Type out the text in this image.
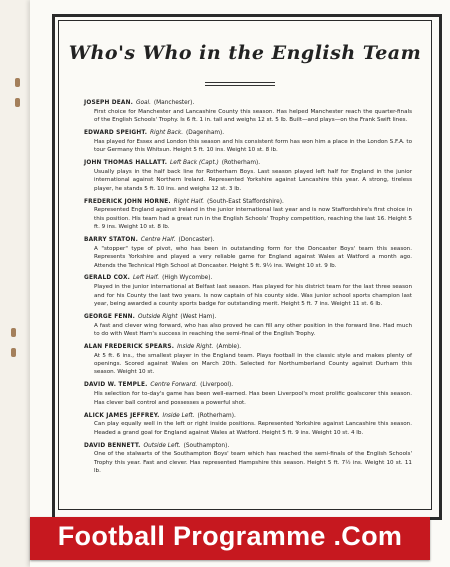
Who's Who in the English Team
JOSEPH DEAN.  Goal.  (Manchester).
First choice for Manchester and Lancashire County this season. Has helped Manchester reach the quarter-finals of the English Schools' Trophy. Is 6 ft. 1 in. tall and weighs 12 st. 5 lb. Built—and plays—on the Frank Swift lines.
EDWARD SPEIGHT.  Right Back.  (Dagenham).
Has played for Essex and London this season and his consistent form has won him a place in the London S.F.A. to tour Germany this Whitsun. Height 5 ft. 10 ins. Weight 10 st. 8 lb.
JOHN THOMAS HALLATT.  Left Back (Capt.)  (Rotherham).
Usually plays in the half back line for Rotherham Boys. Last season played left half for England in the junior international against Northern Ireland. Represented Yorkshire against Lancashire this year. A strong, tireless player, he stands 5 ft. 10 ins. and weighs 12 st. 3 lb.
FREDERICK JOHN HORNE.  Right Half.  (South-East Staffordshire).
Represented England against Ireland in the junior international last year and is now Staffordshire's first choice in this position. His team had a great run in the English Schools' Trophy competition, reaching the last 16. Height 5 ft. 9 ins. Weight 10 st. 8 lb.
BARRY STATON.  Centre Half.  (Doncaster).
A "stopper" type of pivot, who has been in outstanding form for the Doncaster Boys' team this season. Represents Yorkshire and played a very reliable game for England against Wales at Watford a month ago. Attends the Technical High School at Doncaster. Height 5 ft. 9½ ins. Weight 10 st. 9 lb.
GERALD COX.  Left Half.  (High Wycombe).
Played in the junior international at Belfast last season. Has played for his district team for the last three season and for his County the last two years. Is now captain of his county side. Was junior school sports champion last year, being awarded a county sports badge for outstanding merit. Height 5 ft. 7 ins. Weight 11 st. 6 lb.
GEORGE FENN.  Outside Right  (West Ham).
A fast and clever wing forward, who has also proved he can fill any other position in the forward line. Had much to do with West Ham's success in reaching the semi-final of the English Trophy.
ALAN FREDERICK SPEARS.  Inside Right.  (Amble).
At 5 ft. 6 ins., the smallest player in the England team. Plays football in the classic style and makes plenty of openings. Scored against Wales on March 20th. Selected for Northumberland County against Durham this season. Weight 10 st.
DAVID W. TEMPLE.  Centre Forward.  (Liverpool).
His selection for to-day's game has been well-earned. Has been Liverpool's most prolific goalscorer this season. Has clever ball control and possesses a powerful shot.
ALICK JAMES JEFFREY.  Inside Left.  (Rotherham).
Can play equally well in the left or right inside positions. Represented Yorkshire against Lancashire this season. Headed a grand goal for England against Wales at Watford. Height 5 ft. 9 ins. Weight 10 st. 4 lb.
DAVID BENNETT.  Outside Left.  (Southampton).
One of the stalwarts of the Southampton Boys' team which has reached the semi-finals of the English Schools' Trophy this year. Fast and clever. Has represented Hampshire this season. Height 5 ft. 7½ ins. Weight 10 st. 11 lb.
Football Programme .Com
